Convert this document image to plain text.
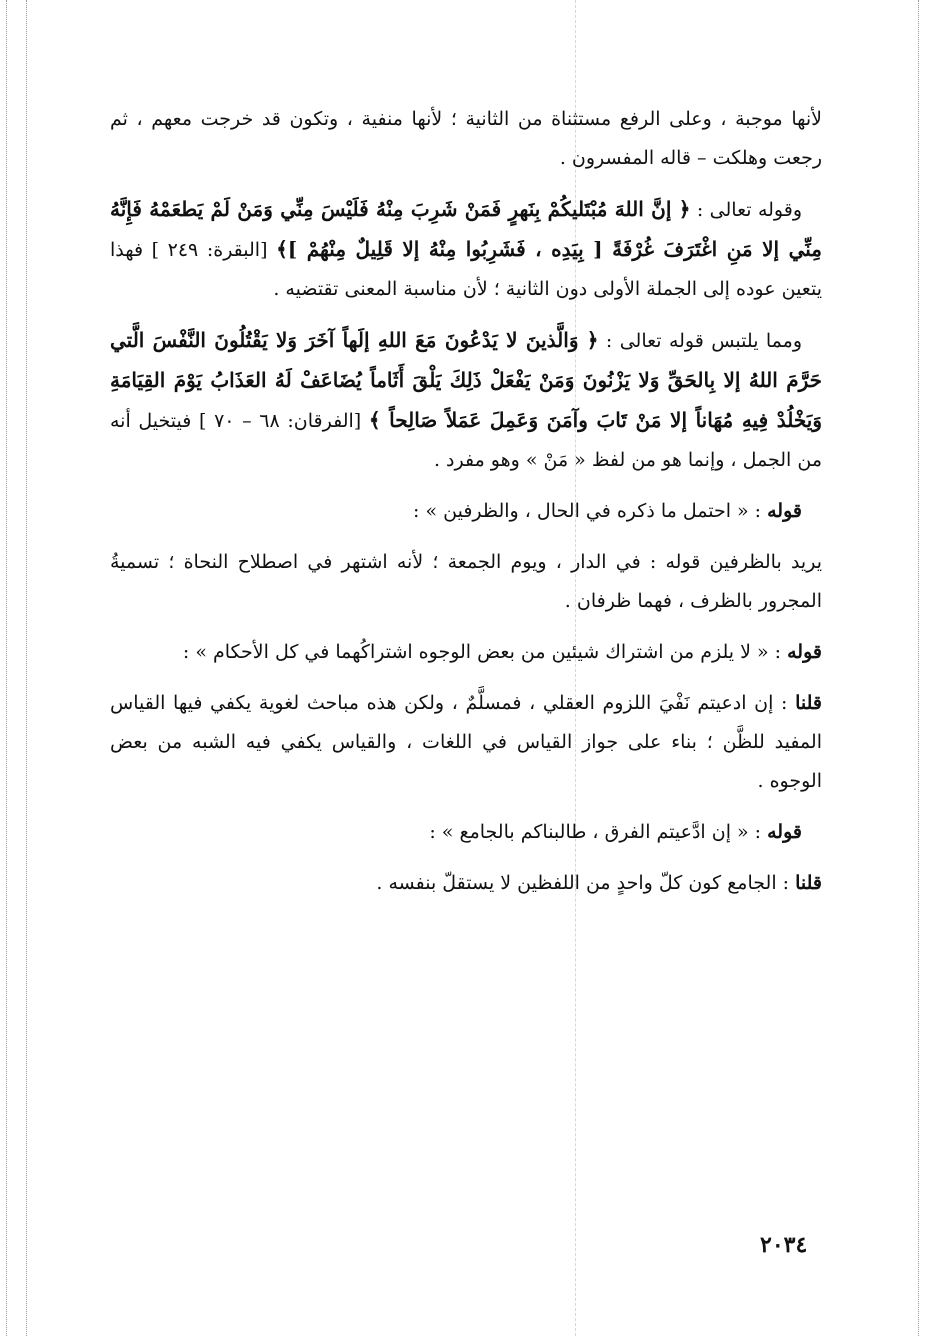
لأنها موجبة ، وعلى الرفع مستثناة من الثانية ؛ لأنها منفية ، وتكون قد خرجت معهم ، ثم رجعت وهلكت – قاله المفسرون .

وقوله تعالى : ﴿ إنَّ اللهَ مُبْتَليكُمْ بِنَهرٍ فَمَنْ شَرِبَ مِنْهُ فَلَيْسَ مِنِّي وَمَنْ لَمْ يَطعَمْهُ فَإِنَّهُ مِنِّي إلا مَنِ اغْتَرَفَ غُرْفَةً [ بِيَدِه ، فَشَرِبُوا مِنْهُ إلا قَلِيلٌ مِنْهُمْ ]﴾ [البقرة: ٢٤٩ ] فهذا يتعين عوده إلى الجملة الأولى دون الثانية ؛ لأن مناسبة المعنى تقتضيه .

ومما يلتبس قوله تعالى : ﴿ وَالَّذينَ لا يَدْعُونَ مَعَ اللهِ إلَهاً آخَرَ وَلا يَقْتُلُونَ النَّفْسَ الَّتي حَرَّمَ اللهُ إلا بِالحَقِّ وَلا يَزْنُونَ وَمَنْ يَفْعَلْ ذَلِكَ يَلْقَ أَثَاماً يُضَاعَفْ لَهُ العَذَابُ يَوْمَ القِيَامَةِ وَيَخْلُدْ فِيهِ مُهَاناً إلا مَنْ تَابَ وآمَنَ وَعَمِلَ عَمَلاً صَالِحاً ﴾ [الفرقان: ٦٨ – ٧٠ ] فيتخيل أنه من الجمل ، وإنما هو من لفظ « مَنْ » وهو مفرد .

قوله : « احتمل ما ذكره في الحال ، والظرفين » :

يريد بالظرفين قوله : في الدار ، ويوم الجمعة ؛ لأنه اشتهر في اصطلاح النحاة ؛ تسميةُ المجرور بالظرف ، فهما ظرفان .

قوله : « لا يلزم من اشتراك شيئين من بعض الوجوه اشتراكُهما في كل الأحكام » :

قلنا : إن ادعيتم نَفْيَ اللزوم العقلي ، فمسلَّمٌ ، ولكن هذه مباحث لغوية يكفي فيها القياس المفيد للظَّن ؛ بناء على جواز القياس في اللغات ، والقياس يكفي فيه الشبه من بعض الوجوه .

قوله : « إن ادَّعيتم الفرق ، طالبناكم بالجامع » :

قلنا : الجامع كون كلّ واحدٍ من اللفظين لا يستقلّ بنفسه .

٢٠٣٤
